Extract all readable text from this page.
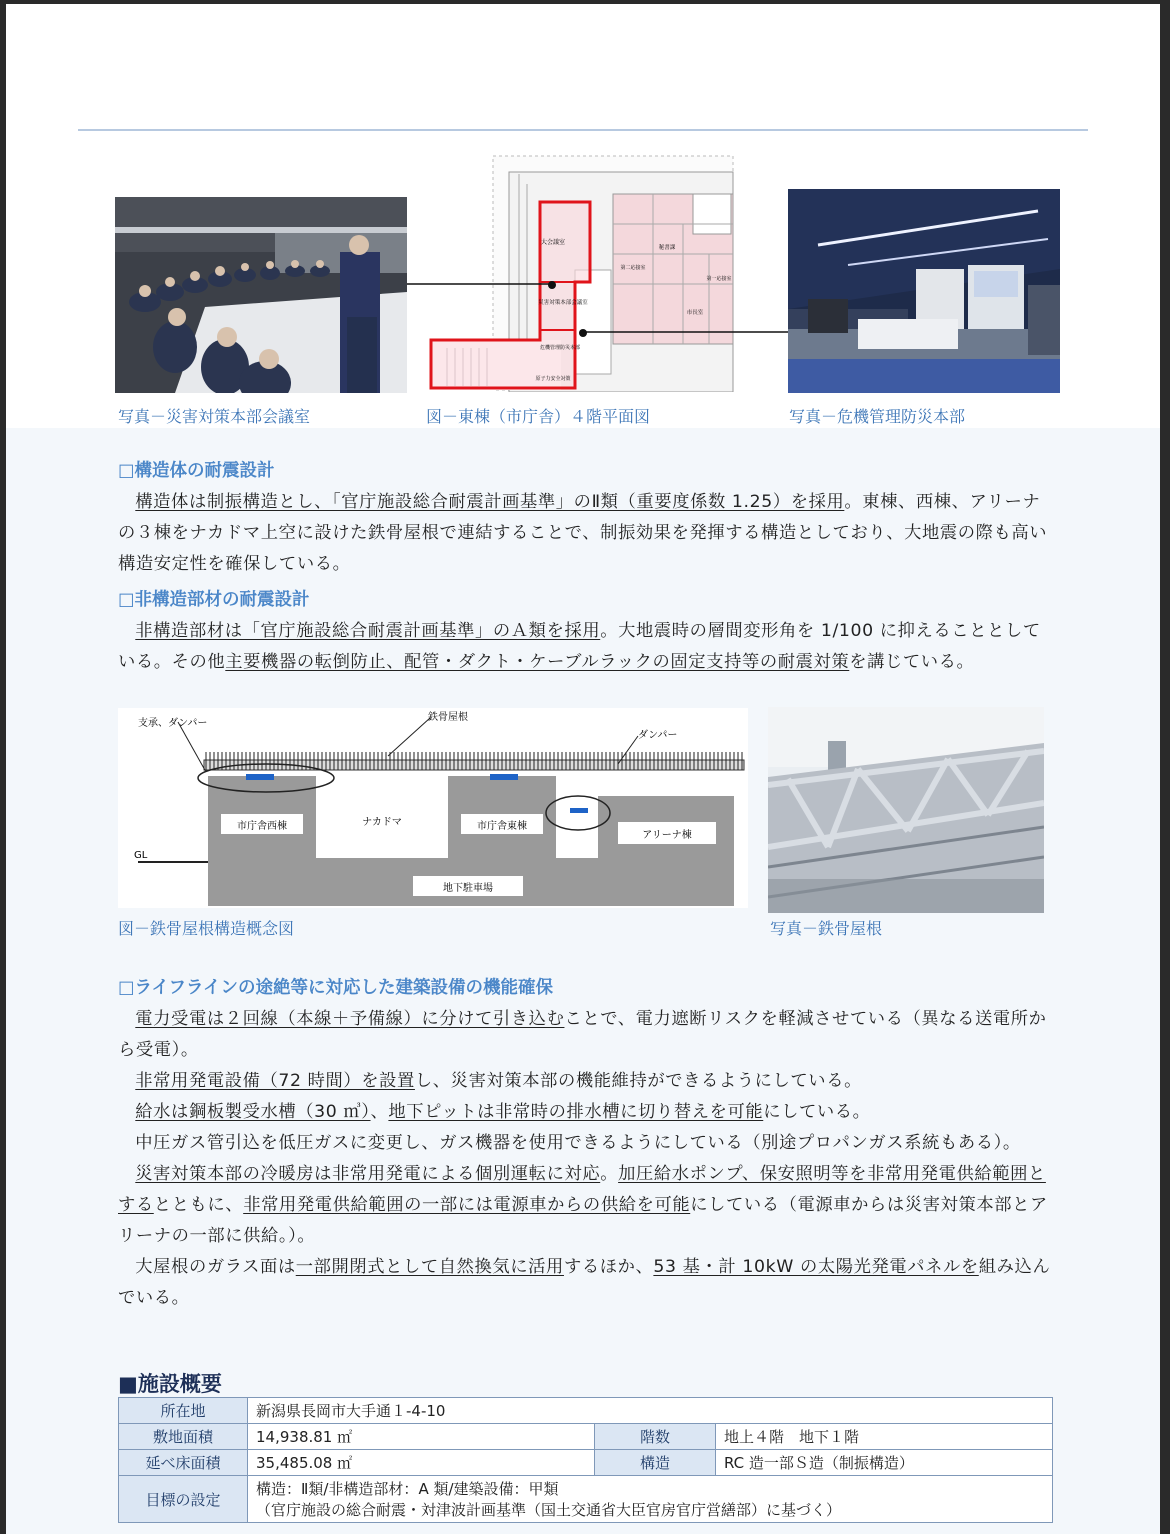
大会議室
災害対策本部会議室
危機管理防災本部
原子力安全対策
秘書課
市長室
第一応接室
第二応接室
写真－災害対策本部会議室	図－東棟（市庁舎）４階平面図	写真－危機管理防災本部
□構造体の耐震設計

構造体は制振構造とし、「官庁施設総合耐震計画基準」のⅡ類（重要度係数 1.25）を採用。東棟、西棟、アリーナの３棟をナカドマ上空に設けた鉄骨屋根で連結することで、制振効果を発揮する構造としており、大地震の際も高い構造安定性を確保している。

□非構造部材の耐震設計

非構造部材は「官庁施設総合耐震計画基準」のＡ類を採用。大地震時の層間変形角を 1/100 に抑えることとしている。その他主要機器の転倒防止、配管・ダクト・ケーブルラックの固定支持等の耐震対策を講じている。

支承、ダンパー
鉄骨屋根
ダンパー
市庁舎西棟	ナカドマ	市庁舎東棟
アリーナ棟
GL
地下駐車場
図－鉄骨屋根構造概念図	写真－鉄骨屋根
□ライフラインの途絶等に対応した建築設備の機能確保

電力受電は２回線（本線＋予備線）に分けて引き込むことで、電力遮断リスクを軽減させている（異なる送電所から受電）。

非常用発電設備（72 時間）を設置し、災害対策本部の機能維持ができるようにしている。

給水は鋼板製受水槽（30 ㎥）、地下ピットは非常時の排水槽に切り替えを可能にしている。

中圧ガス管引込を低圧ガスに変更し、ガス機器を使用できるようにしている（別途プロパンガス系統もある）。

災害対策本部の冷暖房は非常用発電による個別運転に対応。加圧給水ポンプ、保安照明等を非常用発電供給範囲とするとともに、非常用発電供給範囲の一部には電源車からの供給を可能にしている（電源車からは災害対策本部とアリーナの一部に供給。）。

大屋根のガラス面は一部開閉式として自然換気に活用するほか、53 基・計 10kW の太陽光発電パネルを組み込んでいる。

■施設概要
所在地	新潟県長岡市大手通１-4-10		
敷地面積	14,938.81 ㎡	階数	地上４階　地下１階
延べ床面積	35,485.08 ㎡	構造	RC 造一部Ｓ造（制振構造）
目標の設定	構造：Ⅱ類/非構造部材：A 類/建築設備：甲類
（官庁施設の総合耐震・対津波計画基準（国土交通省大臣官房官庁営繕部）に基づく）		
